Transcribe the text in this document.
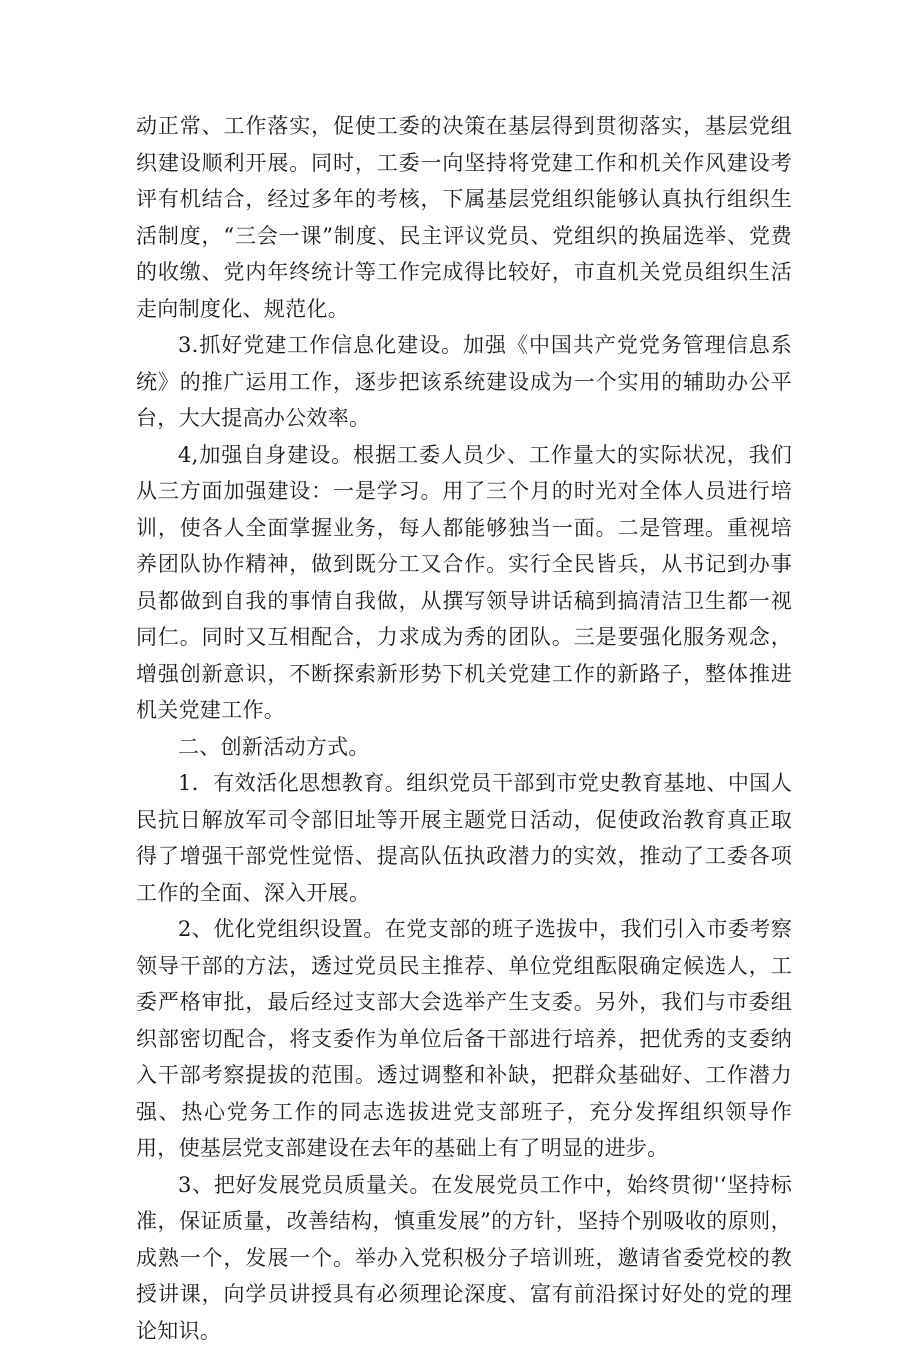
动正常、工作落实，促使工委的决策在基层得到贯彻落实，基层党组织建设顺利开展。同时，工委一向坚持将党建工作和机关作风建设考评有机结合，经过多年的考核，下属基层党组织能够认真执行组织生活制度，“三会一课”制度、民主评议党员、党组织的换届选举、党费的收缴、党内年终统计等工作完成得比较好，市直机关党员组织生活走向制度化、规范化。

3.抓好党建工作信息化建设。加强《中国共产党党务管理信息系统》的推广运用工作，逐步把该系统建设成为一个实用的辅助办公平台，大大提高办公效率。

4,加强自身建设。根据工委人员少、工作量大的实际状况，我们从三方面加强建设：一是学习。用了三个月的时光对全体人员进行培训，使各人全面掌握业务，每人都能够独当一面。二是管理。重视培养团队协作精神，做到既分工又合作。实行全民皆兵，从书记到办事员都做到自我的事情自我做，从撰写领导讲话稿到搞清洁卫生都一视同仁。同时又互相配合，力求成为秀的团队。三是要强化服务观念，增强创新意识，不断探索新形势下机关党建工作的新路子，整体推进机关党建工作。

二、创新活动方式。

1．有效活化思想教育。组织党员干部到市党史教育基地、中国人民抗日解放军司令部旧址等开展主题党日活动，促使政治教育真正取得了增强干部党性觉悟、提高队伍执政潜力的实效，推动了工委各项工作的全面、深入开展。

2、优化党组织设置。在党支部的班子选拔中，我们引入市委考察领导干部的方法，透过党员民主推荐、单位党组酝限确定候选人，工委严格审批，最后经过支部大会选举产生支委。另外，我们与市委组织部密切配合，将支委作为单位后备干部进行培养，把优秀的支委纳入干部考察提拔的范围。透过调整和补缺，把群众基础好、工作潜力强、热心党务工作的同志选拔进党支部班子，充分发挥组织领导作用，使基层党支部建设在去年的基础上有了明显的进步。

3、把好发展党员质量关。在发展党员工作中，始终贯彻'‘坚持标准，保证质量，改善结构，慎重发展”的方针，坚持个别吸收的原则，成熟一个，发展一个。举办入党积极分子培训班，邀请省委党校的教授讲课，向学员讲授具有必须理论深度、富有前沿探讨好处的党的理论知识。
